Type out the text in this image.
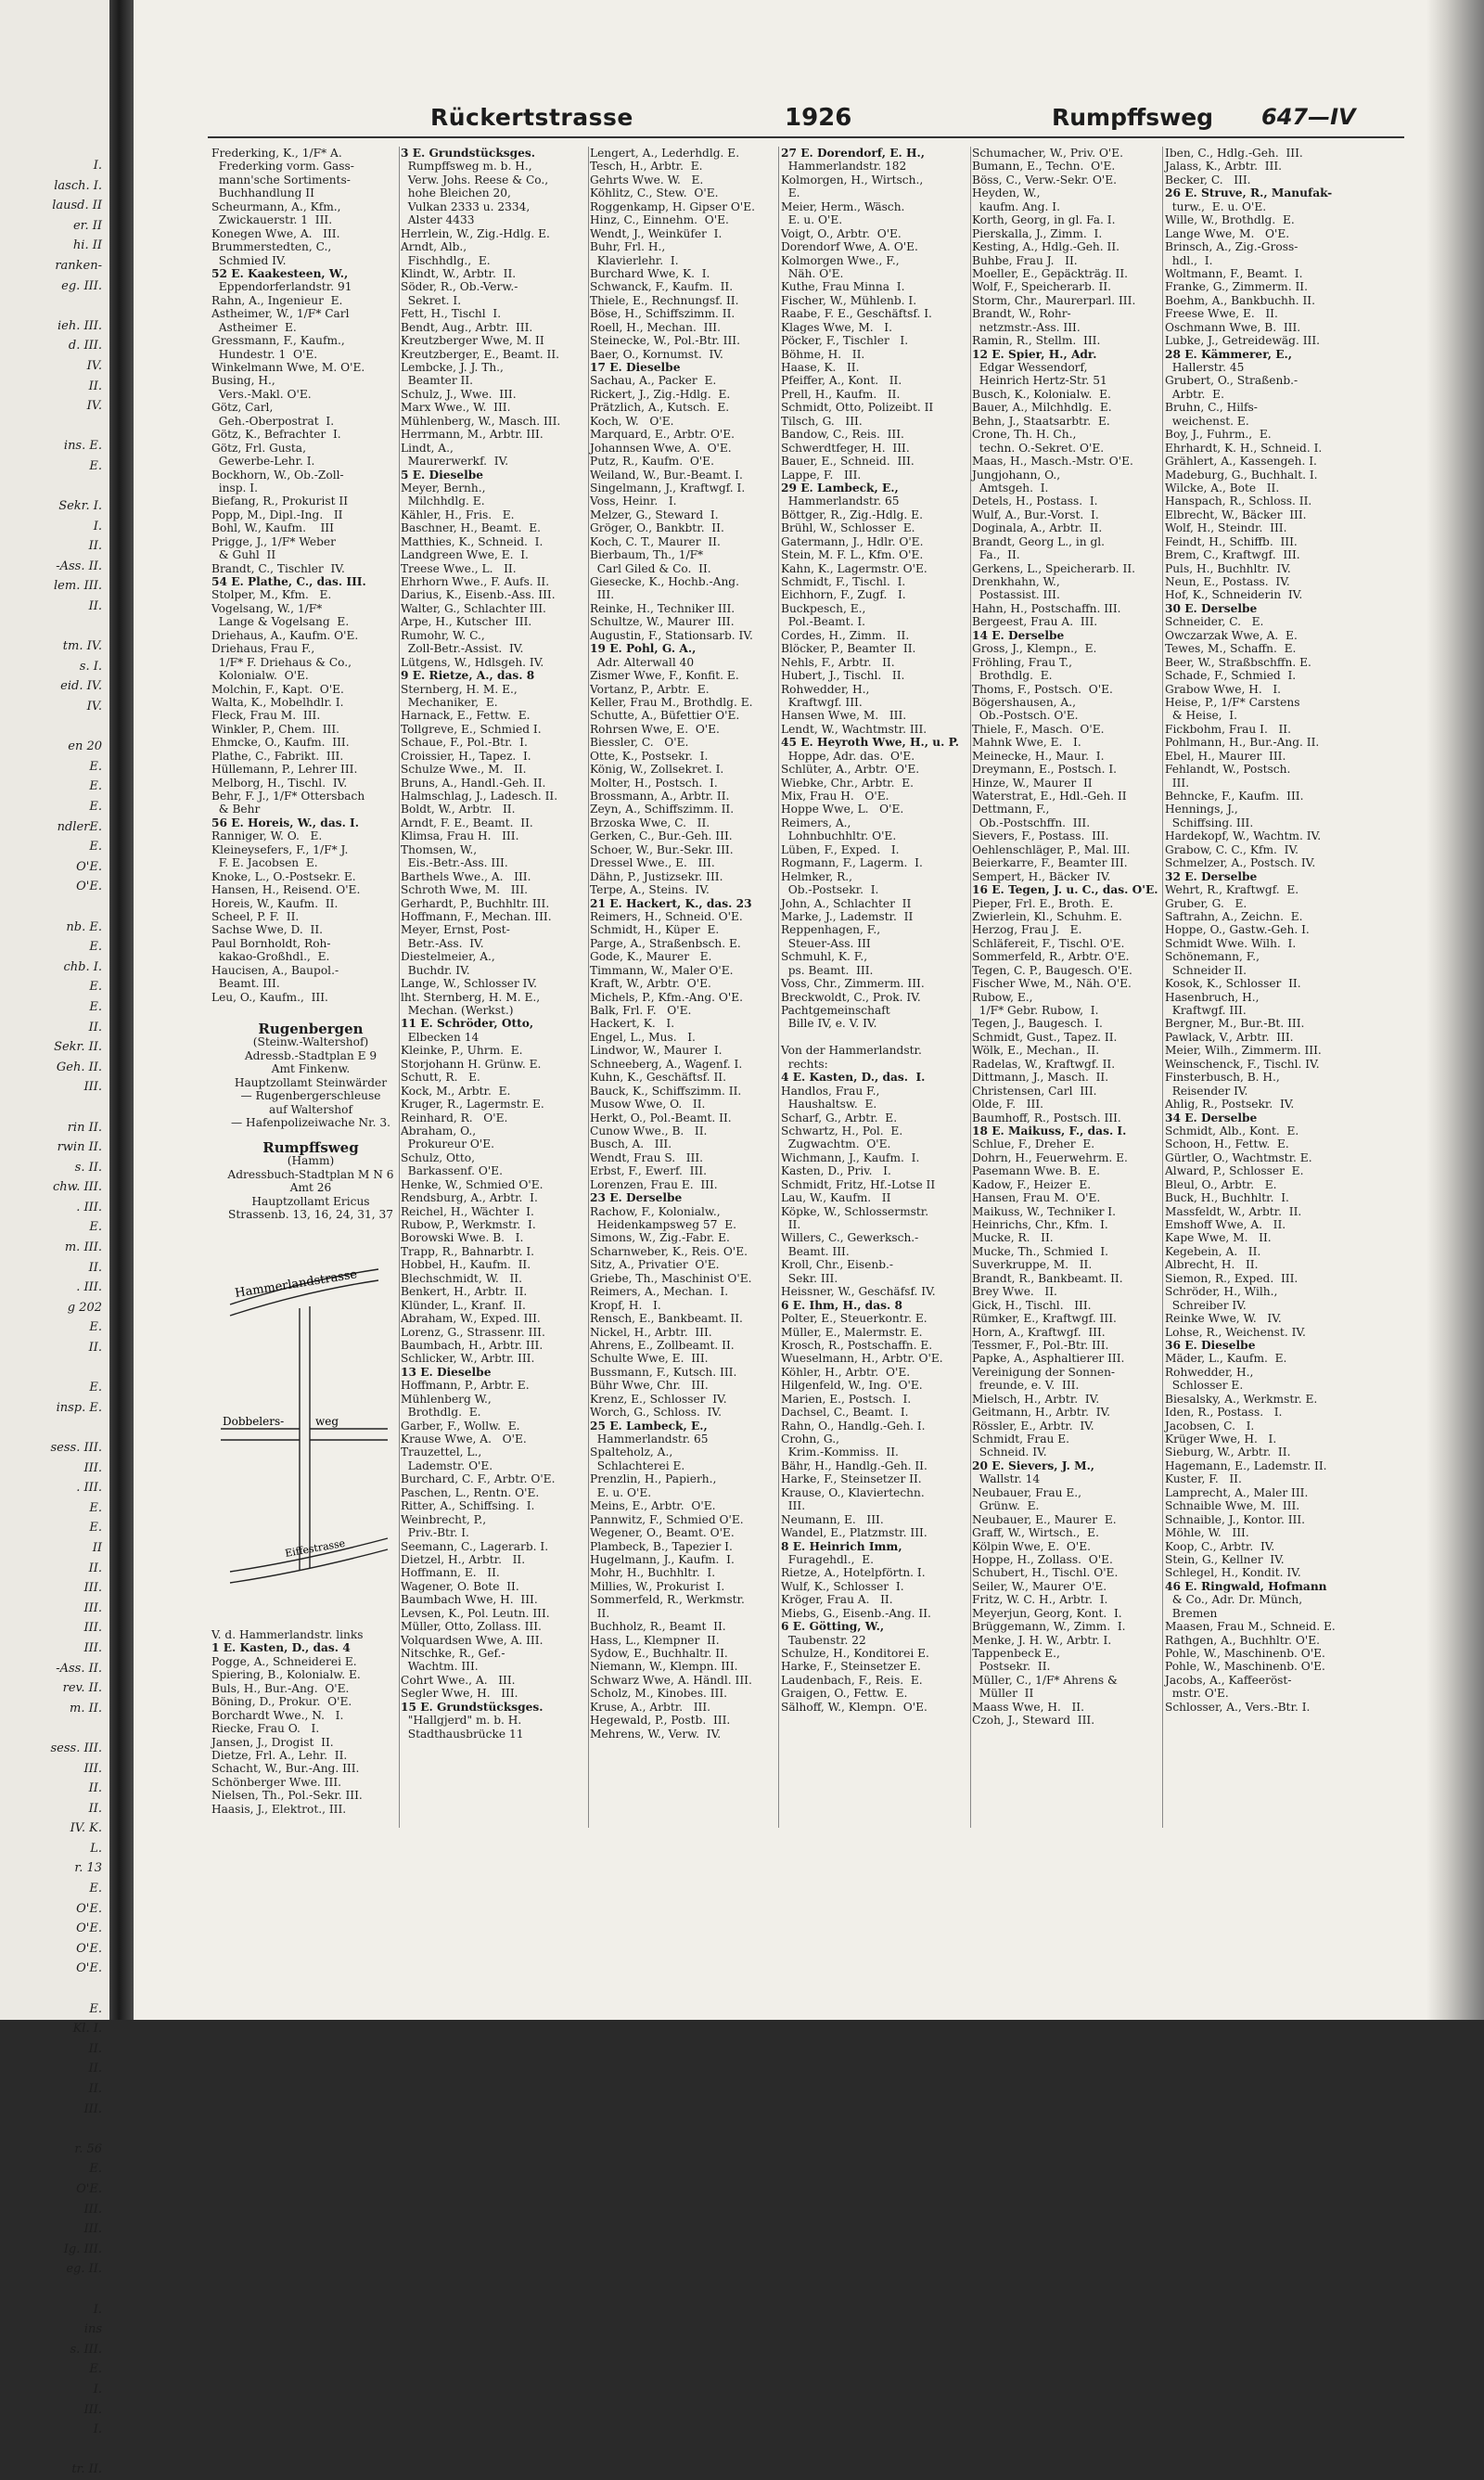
I.
lasch. I.
lausd. II
er. II
hi. II
ranken-
eg. III.

ieh. III.
d. III.
IV.
II.
IV.

ins. E.
E.

Sekr. I.
I.
II.
-Ass. II.
lem. III.
II.

tm. IV.
s. I.
eid. IV.
IV.

en 20
E.
E.
E.
ndlerE.
E.
O'E.
O'E.

nb. E.
E.
chb. I.
E.
E.
II.
Sekr. II.
Geh. II.
III.

rin II.
rwin II.
s. II.
chw. III.
. III.
E.
m. III.
II.
. III.
g 202
E.
II.

E.
insp. E.

sess. III.
III.
. III.
E.
E.
II
II.
III.
III.
III.
III.
-Ass. II.
rev. II.
m. II.

sess. III.
III.
II.
II.
IV. K.
L.
r. 13
E.
O'E.
O'E.
O'E.
O'E.

E.
Kl. I.
II.
II.
II.
III.

r. 56
E.
O'E.
III.
III.
Ig. III.
eg. II.

I.
ins
s. III.
E.
I.
III.
I.

tr. II.
Rückertstrasse	1926	Rumpffsweg 647—IV
Frederking, K., 1/F* A.
Frederking vorm. Gass-
mann'sche Sortiments-
Buchhandlung II
Scheurmann, A., Kfm.,
Zwickauerstr. 1  III.
Konegen Wwe, A.   III.
Brummerstedten, C.,
Schmied IV.
52 E. Kaakesteen, W.,
Eppendorferlandstr. 91
Rahn, A., Ingenieur  E.
Astheimer, W., 1/F* Carl
Astheimer  E.
Gressmann, F., Kaufm.,
Hundestr. 1  O'E.
Winkelmann Wwe, M. O'E.
Busing, H.,
Vers.-Makl. O'E.
Götz, Carl,
Geh.-Oberpostrat  I.
Götz, K., Befrachter  I.
Götz, Frl. Gusta,
Gewerbe-Lehr. I.
Bockhorn, W., Ob.-Zoll-
insp. I.
Biefang, R., Prokurist II
Popp, M., Dipl.-Ing.   II
Bohl, W., Kaufm.    III
Prigge, J., 1/F* Weber
& Guhl  II
Brandt, C., Tischler  IV.
54 E. Plathe, C., das. III.
Stolper, M., Kfm.   E.
Vogelsang, W., 1/F*
Lange & Vogelsang  E.
Driehaus, A., Kaufm. O'E.
Driehaus, Frau F.,
1/F* F. Driehaus & Co.,
Kolonialw.  O'E.
Molchin, F., Kapt.  O'E.
Walta, K., Mobelhdlr. I.
Fleck, Frau M.  III.
Winkler, P., Chem.  III.
Ehmcke, O., Kaufm.  III.
Plathe, C., Fabrikt.  III.
Hüllemann, P., Lehrer III.
Melborg, H., Tischl.  IV.
Behr, F. J., 1/F* Ottersbach
& Behr
56 E. Horeis, W., das. I.
Ranniger, W. O.   E.
Kleineysefers, F., 1/F* J.
F. E. Jacobsen  E.
Knoke, L., O.-Postsekr. E.
Hansen, H., Reisend. O'E.
Horeis, W., Kaufm.  II.
Scheel, P. F.  II.
Sachse Wwe, D.  II.
Paul Bornholdt, Roh-
kakao-Großhdl.,  E.
Haucisen, A., Baupol.-
Beamt. III.
Leu, O., Kaufm.,  III.
Rugenbergen
(Steinw.-Waltershof)
Adressb.-Stadtplan E 9
Amt Finkenw.
Hauptzollamt Steinwärder
— Rugenbergerschleuse
auf Waltershof
— Hafenpolizeiwache Nr. 3.
Rumpffsweg
(Hamm)
Adressbuch-Stadtplan M N 6
Amt 26
Hauptzollamt Ericus
Strassenb. 13, 16, 24, 31, 37
Hammerlandstrasse
Dobbelers-	weg
Eiffestrasse
V. d. Hammerlandstr. links
1 E. Kasten, D., das. 4
Pogge, A., Schneiderei E.
Spiering, B., Kolonialw. E.
Buls, H., Bur.-Ang.  O'E.
Böning, D., Prokur.  O'E.
Borchardt Wwe., N.   I.
Riecke, Frau O.   I.
Jansen, J., Drogist  II.
Dietze, Frl. A., Lehr.  II.
Schacht, W., Bur.-Ang. III.
Schönberger Wwe. III.
Nielsen, Th., Pol.-Sekr. III.
Haasis, J., Elektrot., III.
3 E. Grundstücksges.
Rumpffsweg m. b. H.,
Verw. Johs. Reese & Co.,
hohe Bleichen 20,
Vulkan 2333 u. 2334,
Alster 4433
Herrlein, W., Zig.-Hdlg. E.
Arndt, Alb.,
Fischhdlg.,  E.
Klindt, W., Arbtr.  II.
Söder, R., Ob.-Verw.-
Sekret. I.
Fett, H., Tischl  I.
Bendt, Aug., Arbtr.  III.
Kreutzberger Wwe, M. II
Kreutzberger, E., Beamt. II.
Lembcke, J. J. Th.,
Beamter II.
Schulz, J., Wwe.  III.
Marx Wwe., W.  III.
Mühlenberg, W., Masch. III.
Herrmann, M., Arbtr. III.
Lindt, A.,
Maurerwerkf.  IV.
5 E. Dieselbe
Meyer, Bernh.,
Milchhdlg. E.
Kähler, H., Fris.   E.
Baschner, H., Beamt.  E.
Matthies, K., Schneid.  I.
Landgreen Wwe, E.  I.
Treese Wwe., L.   II.
Ehrhorn Wwe., F. Aufs. II.
Darius, K., Eisenb.-Ass. III.
Walter, G., Schlachter III.
Arpe, H., Kutscher  III.
Rumohr, W. C.,
Zoll-Betr.-Assist.  IV.
Lütgens, W., Hdlsgeh. IV.
9 E. Rietze, A., das. 8
Sternberg, H. M. E.,
Mechaniker,  E.
Harnack, E., Fettw.  E.
Tollgreve, E., Schmied I.
Schaue, F., Pol.-Btr.  I.
Croissier, H., Tapez.  I.
Schulze Wwe., M.   II.
Bruns, A., Handl.-Geh. II.
Halmschlag, J., Ladesch. II.
Boldt, W., Arbtr.   II.
Arndt, F. E., Beamt.  II.
Klimsa, Frau H.   III.
Thomsen, W.,
Eis.-Betr.-Ass. III.
Barthels Wwe., A.   III.
Schroth Wwe, M.   III.
Gerhardt, P., Buchhltr. III.
Hoffmann, F., Mechan. III.
Meyer, Ernst, Post-
Betr.-Ass.  IV.
Diestelmeier, A.,
Buchdr. IV.
Lange, W., Schlosser IV.
lht. Sternberg, H. M. E.,
Mechan. (Werkst.)
11 E. Schröder, Otto,
Elbecken 14
Kleinke, P., Uhrm.  E.
Storjohann H. Grünw. E.
Schutt, R.   E.
Kock, M., Arbtr.  E.
Kruger, R., Lagermstr. E.
Reinhard, R.   O'E.
Abraham, O.,
Prokureur O'E.
Schulz, Otto,
Barkassenf. O'E.
Henke, W., Schmied O'E.
Rendsburg, A., Arbtr.  I.
Reichel, H., Wächter  I.
Rubow, P., Werkmstr.  I.
Borowski Wwe. B.   I.
Trapp, R., Bahnarbtr. I.
Hobbel, H., Kaufm.  II.
Blechschmidt, W.   II.
Benkert, H., Arbtr.  II.
Klünder, L., Kranf.  II.
Abraham, W., Exped. III.
Lorenz, G., Strassenr. III.
Baumbach, H., Arbtr. III.
Schlicker, W., Arbtr. III.
13 E. Dieselbe
Hoffmann, P., Arbtr. E.
Mühlenberg W.,
Brothdlg.  E.
Garber, F., Wollw.  E.
Krause Wwe, A.   O'E.
Trauzettel, L.,
Lademstr. O'E.
Burchard, C. F., Arbtr. O'E.
Paschen, L., Rentn. O'E.
Ritter, A., Schiffsing.  I.
Weinbrecht, P.,
Priv.-Btr. I.
Seemann, C., Lagerarb. I.
Dietzel, H., Arbtr.   II.
Hoffmann, E.   II.
Wagener, O. Bote  II.
Baumbach Wwe, H.  III.
Levsen, K., Pol. Leutn. III.
Müller, Otto, Zollass. III.
Volquardsen Wwe, A. III.
Nitschke, R., Gef.-
Wachtm. III.
Cohrt Wwe., A.   III.
Segler Wwe, H.   III.
15 E. Grundstücksges.
"Hallgjerd" m. b. H.
Stadthausbrücke 11
Lengert, A., Lederhdlg. E.
Tesch, H., Arbtr.  E.
Gehrts Wwe. W.   E.
Köhlitz, C., Stew.  O'E.
Roggenkamp, H. Gipser O'E.
Hinz, C., Einnehm.  O'E.
Wendt, J., Weinküfer  I.
Buhr, Frl. H.,
Klavierlehr.  I.
Burchard Wwe, K.  I.
Schwanck, F., Kaufm.  II.
Thiele, E., Rechnungsf. II.
Böse, H., Schiffszimm. II.
Roell, H., Mechan.  III.
Steinecke, W., Pol.-Btr. III.
Baer, O., Kornumst.  IV.
17 E. Dieselbe
Sachau, A., Packer  E.
Rickert, J., Zig.-Hdlg.  E.
Prätzlich, A., Kutsch.  E.
Koch, W.   O'E.
Marquard, E., Arbtr. O'E.
Johannsen Wwe, A.  O'E.
Putz, R., Kaufm.  O'E.
Weiland, W., Bur.-Beamt. I.
Singelmann, J., Kraftwgf. I.
Voss, Heinr.   I.
Melzer, G., Steward  I.
Gröger, O., Bankbtr.  II.
Koch, C. T., Maurer  II.
Bierbaum, Th., 1/F*
Carl Giled & Co.  II.
Giesecke, K., Hochb.-Ang.
III.
Reinke, H., Techniker III.
Schultze, W., Maurer  III.
Augustin, F., Stationsarb. IV.
19 E. Pohl, G. A.,
Adr. Alterwall 40
Zismer Wwe, F., Konfit. E.
Vortanz, P., Arbtr.  E.
Keller, Frau M., Brothdlg. E.
Schutte, A., Büfettier O'E.
Rohrsen Wwe, E.  O'E.
Biessler, C.   O'E.
Otte, K., Postsekr.  I.
König, W., Zollsekret. I.
Molter, H., Postsch.  I.
Brossmann, A., Arbtr. II.
Zeyn, A., Schiffszimm. II.
Brzoska Wwe, C.   II.
Gerken, C., Bur.-Geh. III.
Schoer, W., Bur.-Sekr. III.
Dressel Wwe., E.   III.
Dähn, P., Justizsekr. III.
Terpe, A., Steins.  IV.
21 E. Hackert, K., das. 23
Reimers, H., Schneid. O'E.
Schmidt, H., Küper  E.
Parge, A., Straßenbsch. E.
Gode, K., Maurer   E.
Timmann, W., Maler O'E.
Kraft, W., Arbtr.  O'E.
Michels, P., Kfm.-Ang. O'E.
Balk, Frl. F.   O'E.
Hackert, K.   I.
Engel, L., Mus.   I.
Lindwor, W., Maurer  I.
Schneeberg, A., Wagenf. I.
Kuhn, K., Geschäftsf. II.
Bauck, K., Schiffszimm. II.
Musow Wwe, O.   II.
Herkt, O., Pol.-Beamt. II.
Cunow Wwe., B.   II.
Busch, A.   III.
Wendt, Frau S.   III.
Erbst, F., Ewerf.  III.
Lorenzen, Frau E.  III.
23 E. Derselbe
Rachow, F., Kolonialw.,
Heidenkampsweg 57  E.
Simons, W., Zig.-Fabr. E.
Scharnweber, K., Reis. O'E.
Sitz, A., Privatier  O'E.
Griebe, Th., Maschinist O'E.
Reimers, A., Mechan.  I.
Kropf, H.   I.
Rensch, E., Bankbeamt. II.
Nickel, H., Arbtr.  III.
Ahrens, E., Zollbeamt. II.
Schulte Wwe, E.  III.
Bussmann, F., Kutsch. III.
Bühr Wwe, Chr.   III.
Krenz, E., Schlosser  IV.
Worch, G., Schloss.  IV.
25 E. Lambeck, E.,
Hammerlandstr. 65
Spalteholz, A.,
Schlachterei E.
Prenzlin, H., Papierh.,
E. u. O'E.
Meins, E., Arbtr.  O'E.
Pannwitz, F., Schmied O'E.
Wegener, O., Beamt. O'E.
Plambeck, B., Tapezier I.
Hugelmann, J., Kaufm.  I.
Mohr, H., Buchhltr.  I.
Millies, W., Prokurist  I.
Sommerfeld, R., Werkmstr.
II.
Buchholz, R., Beamt  II.
Hass, L., Klempner  II.
Sydow, E., Buchhaltr. II.
Niemann, W., Klempn. III.
Schwarz Wwe, A. Händl. III.
Scholz, M., Kinobes. III.
Kruse, A., Arbtr.   III.
Hegewald, P., Postb.  III.
Mehrens, W., Verw.  IV.
27 E. Dorendorf, E. H.,
Hammerlandstr. 182
Kolmorgen, H., Wirtsch.,
E.
Meier, Herm., Wäsch.
E. u. O'E.
Voigt, O., Arbtr.  O'E.
Dorendorf Wwe, A. O'E.
Kolmorgen Wwe., F.,
Näh. O'E.
Kuthe, Frau Minna  I.
Fischer, W., Mühlenb. I.
Raabe, F. E., Geschäftsf. I.
Klages Wwe, M.   I.
Pöcker, F., Tischler   I.
Böhme, H.   II.
Haase, K.   II.
Pfeiffer, A., Kont.   II.
Prell, H., Kaufm.   II.
Schmidt, Otto, Polizeibt. II
Tilsch, G.   III.
Bandow, C., Reis.  III.
Schwerdtfeger, H.  III.
Bauer, E., Schneid.  III.
Lappe, F.   III.
29 E. Lambeck, E.,
Hammerlandstr. 65
Böttger, R., Zig.-Hdlg. E.
Brühl, W., Schlosser  E.
Gatermann, J., Hdlr. O'E.
Stein, M. F. L., Kfm. O'E.
Kahn, K., Lagermstr. O'E.
Schmidt, F., Tischl.  I.
Eichhorn, F., Zugf.   I.
Buckpesch, E.,
Pol.-Beamt. I.
Cordes, H., Zimm.   II.
Blöcker, P., Beamter  II.
Nehls, F., Arbtr.   II.
Hubert, J., Tischl.   II.
Rohwedder, H.,
Kraftwgf. III.
Hansen Wwe, M.   III.
Lendt, W., Wachtmstr. III.
45 E. Heyroth Wwe, H., u. P.
Hoppe, Adr. das.  O'E.
Schlüter, A., Arbtr.  O'E.
Wiebke, Chr., Arbtr.  E.
Mix, Frau H.   O'E.
Hoppe Wwe, L.   O'E.
Reimers, A.,
Lohnbuchhltr. O'E.
Lüben, F., Exped.   I.
Rogmann, F., Lagerm.  I.
Helmker, R.,
Ob.-Postsekr.  I.
John, A., Schlachter  II
Marke, J., Lademstr.  II
Reppenhagen, F.,
Steuer-Ass. III
Schmuhl, K. F.,
ps. Beamt.  III.
Voss, Chr., Zimmerm. III.
Breckwoldt, C., Prok. IV.
Pachtgemeinschaft
Bille IV, e. V. IV.
Von der Hammerlandstr.
rechts:
4 E. Kasten, D., das.  I.
Handlos, Frau F.,
Haushaltsw.  E.
Scharf, G., Arbtr.  E.
Schwartz, H., Pol.  E.
Zugwachtm.  O'E.
Wichmann, J., Kaufm.  I.
Kasten, D., Priv.   I.
Schmidt, Fritz, Hf.-Lotse II
Lau, W., Kaufm.   II
Köpke, W., Schlossermstr.
II.
Willers, C., Gewerksch.-
Beamt. III.
Kroll, Chr., Eisenb.-
Sekr. III.
Heissner, W., Geschäfsf. IV.
6 E. Ihm, H., das. 8
Polter, E., Steuerkontr. E.
Müller, E., Malermstr. E.
Krosch, R., Postschaffn. E.
Wueselmann, H., Arbtr. O'E.
Köhler, H., Arbtr.  O'E.
Hilgenfeld, W., Ing.  O'E.
Marien, E., Postsch.  I.
Dachsel, C., Beamt.  I.
Rahn, O., Handlg.-Geh. I.
Crohn, G.,
Krim.-Kommiss.  II.
Bähr, H., Handlg.-Geh. II.
Harke, F., Steinsetzer II.
Krause, O., Klaviertechn.
III.
Neumann, E.   III.
Wandel, E., Platzmstr. III.
8 E. Heinrich Imm,
Furagehdl.,  E.
Rietze, A., Hotelpförtn. I.
Wulf, K., Schlosser  I.
Kröger, Frau A.   II.
Miebs, G., Eisenb.-Ang. II.
6 E. Götting, W.,
Taubenstr. 22
Schulze, H., Konditorei E.
Harke, F., Steinsetzer E.
Laudenbach, F., Reis.  E.
Graigen, O., Fettw.  E.
Sälhoff, W., Klempn.  O'E.
Schumacher, W., Priv. O'E.
Bumann, E., Techn.  O'E.
Böss, C., Verw.-Sekr. O'E.
Heyden, W.,
kaufm. Ang. I.
Korth, Georg, in gl. Fa. I.
Pierskalla, J., Zimm.  I.
Kesting, A., Hdlg.-Geh. II.
Buhbe, Frau J.   II.
Moeller, E., Gepäckträg. II.
Wolf, F., Speicherarb. II.
Storm, Chr., Maurerparl. III.
Brandt, W., Rohr-
netzmstr.-Ass. III.
Ramin, R., Stellm.  III.
12 E. Spier, H., Adr.
Edgar Wessendorf,
Heinrich Hertz-Str. 51
Busch, K., Kolonialw.  E.
Bauer, A., Milchhdlg.  E.
Behn, J., Staatsarbtr.  E.
Crone, Th. H. Ch.,
techn. O.-Sekret. O'E.
Maas, H., Masch.-Mstr. O'E.
Jungjohann, O.,
Amtsgeh.  I.
Detels, H., Postass.  I.
Wulf, A., Bur.-Vorst.  I.
Doginala, A., Arbtr.  II.
Brandt, Georg L., in gl.
Fa.,  II.
Gerkens, L., Speicherarb. II.
Drenkhahn, W.,
Postassist. III.
Hahn, H., Postschaffn. III.
Bergeest, Frau A.  III.
14 E. Derselbe
Gross, J., Klempn.,  E.
Fröhling, Frau T.,
Brothdlg.  E.
Thoms, F., Postsch.  O'E.
Bögershausen, A.,
Ob.-Postsch. O'E.
Thiele, F., Masch.  O'E.
Mahnk Wwe, E.   I.
Meinecke, H., Maur.  I.
Dreymann, E., Postsch. I.
Hinze, W., Maurer  II
Waterstrat, E., Hdl.-Geh. II
Dettmann, F.,
Ob.-Postschffn.  III.
Sievers, F., Postass.  III.
Oehlenschläger, P., Mal. III.
Beierkarre, F., Beamter III.
Sempert, H., Bäcker  IV.
16 E. Tegen, J. u. C., das. O'E.
Pieper, Frl. E., Broth.  E.
Zwierlein, Kl., Schuhm. E.
Herzog, Frau J.   E.
Schläfereit, F., Tischl. O'E.
Sommerfeld, R., Arbtr. O'E.
Tegen, C. P., Baugesch. O'E.
Fischer Wwe, M., Näh. O'E.
Rubow, E.,
1/F* Gebr. Rubow,  I.
Tegen, J., Baugesch.  I.
Schmidt, Gust., Tapez. II.
Wölk, E., Mechan.,  II.
Radelas, W., Kraftwgf. II.
Dittmann, J., Masch.  II.
Christensen, Carl  III.
Olde, F.   III.
Baumhoff, R., Postsch. III.
18 E. Maikuss, F., das. I.
Schlue, F., Dreher  E.
Dohrn, H., Feuerwehrm. E.
Pasemann Wwe. B.  E.
Kadow, F., Heizer  E.
Hansen, Frau M.  O'E.
Maikuss, W., Techniker I.
Heinrichs, Chr., Kfm.  I.
Mucke, R.   II.
Mucke, Th., Schmied  I.
Suverkruppe, M.   II.
Brandt, R., Bankbeamt. II.
Brey Wwe.   II.
Gick, H., Tischl.   III.
Rümker, E., Kraftwgf. III.
Horn, A., Kraftwgf.  III.
Tessmer, F., Pol.-Btr. III.
Papke, A., Asphaltierer III.
Vereinigung der Sonnen-
freunde, e. V.  III.
Mielsch, H., Arbtr.  IV.
Geitmann, H., Arbtr.  IV.
Rössler, E., Arbtr.  IV.
Schmidt, Frau E.
Schneid. IV.
20 E. Sievers, J. M.,
Wallstr. 14
Neubauer, Frau E.,
Grünw.  E.
Neubauer, E., Maurer  E.
Graff, W., Wirtsch.,  E.
Kölpin Wwe, E.  O'E.
Hoppe, H., Zollass.  O'E.
Schubert, H., Tischl. O'E.
Seiler, W., Maurer  O'E.
Fritz, W. C. H., Arbtr.  I.
Meyerjun, Georg, Kont.  I.
Brüggemann, W., Zimm.  I.
Menke, J. H. W., Arbtr. I.
Tappenbeck E.,
Postsekr.  II.
Müller, C., 1/F* Ahrens &
Müller  II
Maass Wwe, H.   II.
Czoh, J., Steward  III.
Iben, C., Hdlg.-Geh.  III.
Jalass, K., Arbtr.  III.
Becker, C.   III.
26 E. Struve, R., Manufak-
turw.,  E. u. O'E.
Wille, W., Brothdlg.  E.
Lange Wwe, M.   O'E.
Brinsch, A., Zig.-Gross-
hdl.,  I.
Woltmann, F., Beamt.  I.
Franke, G., Zimmerm. II.
Boehm, A., Bankbuchh. II.
Freese Wwe, E.   II.
Oschmann Wwe, B.  III.
Lubke, J., Getreidewäg. III.
28 E. Kämmerer, E.,
Hallerstr. 45
Grubert, O., Straßenb.-
Arbtr.  E.
Bruhn, C., Hilfs-
weichenst. E.
Boy, J., Fuhrm.,  E.
Ehrhardt, K. H., Schneid. I.
Grählert, A., Kassengeh. I.
Madeburg, G., Buchhalt. I.
Wilcke, A., Bote   II.
Hanspach, R., Schloss. II.
Elbrecht, W., Bäcker  III.
Wolf, H., Steindr.  III.
Feindt, H., Schiffb.  III.
Brem, C., Kraftwgf.  III.
Puls, H., Buchhltr.  IV.
Neun, E., Postass.  IV.
Hof, K., Schneiderin  IV.
30 E. Derselbe
Schneider, C.   E.
Owczarzak Wwe, A.  E.
Tewes, M., Schaffn.  E.
Beer, W., Straßbschffn. E.
Schade, F., Schmied  I.
Grabow Wwe, H.   I.
Heise, P., 1/F* Carstens
& Heise,  I.
Fickbohm, Frau I.   II.
Pohlmann, H., Bur.-Ang. II.
Ebel, H., Maurer  III.
Fehlandt, W., Postsch.
III.
Behncke, F., Kaufm.  III.
Hennings, J.,
Schiffsing. III.
Hardekopf, W., Wachtm. IV.
Grabow, C. C., Kfm.  IV.
Schmelzer, A., Postsch. IV.
32 E. Derselbe
Wehrt, R., Kraftwgf.  E.
Gruber, G.   E.
Saftrahn, A., Zeichn.  E.
Hoppe, O., Gastw.-Geh. I.
Schmidt Wwe. Wilh.  I.
Schönemann, F.,
Schneider II.
Kosok, K., Schlosser  II.
Hasenbruch, H.,
Kraftwgf. III.
Bergner, M., Bur.-Bt. III.
Pawlack, V., Arbtr.  III.
Meier, Wilh., Zimmerm. III.
Weinschenck, F., Tischl. IV.
Finsterbusch, B. H.,
Reisender IV.
Ahlig, R., Postsekr.  IV.
34 E. Derselbe
Schmidt, Alb., Kont.  E.
Schoon, H., Fettw.  E.
Gürtler, O., Wachtmstr. E.
Alward, P., Schlosser  E.
Bleul, O., Arbtr.   E.
Buck, H., Buchhltr.  I.
Massfeldt, W., Arbtr.  II.
Emshoff Wwe, A.   II.
Kape Wwe, M.   II.
Kegebein, A.   II.
Albrecht, H.   II.
Siemon, R., Exped.  III.
Schröder, H., Wilh.,
Schreiber IV.
Reinke Wwe, W.   IV.
Lohse, R., Weichenst. IV.
36 E. Dieselbe
Mäder, L., Kaufm.  E.
Rohwedder, H.,
Schlosser E.
Biesalsky, A., Werkmstr. E.
Iden, R., Postass.   I.
Jacobsen, C.   I.
Krüger Wwe, H.   I.
Sieburg, W., Arbtr.  II.
Hagemann, E., Lademstr. II.
Kuster, F.   II.
Lamprecht, A., Maler III.
Schnaible Wwe, M.  III.
Schnaible, J., Kontor. III.
Möhle, W.   III.
Koop, C., Arbtr.  IV.
Stein, G., Kellner  IV.
Schlegel, H., Kondit. IV.
46 E. Ringwald, Hofmann
& Co., Adr. Dr. Münch,
Bremen
Maasen, Frau M., Schneid. E.
Rathgen, A., Buchhltr. O'E.
Pohle, W., Maschinenb. O'E.
Pohle, W., Maschinenb. O'E.
Jacobs, A., Kaffeeröst-
mstr. O'E.
Schlosser, A., Vers.-Btr. I.
